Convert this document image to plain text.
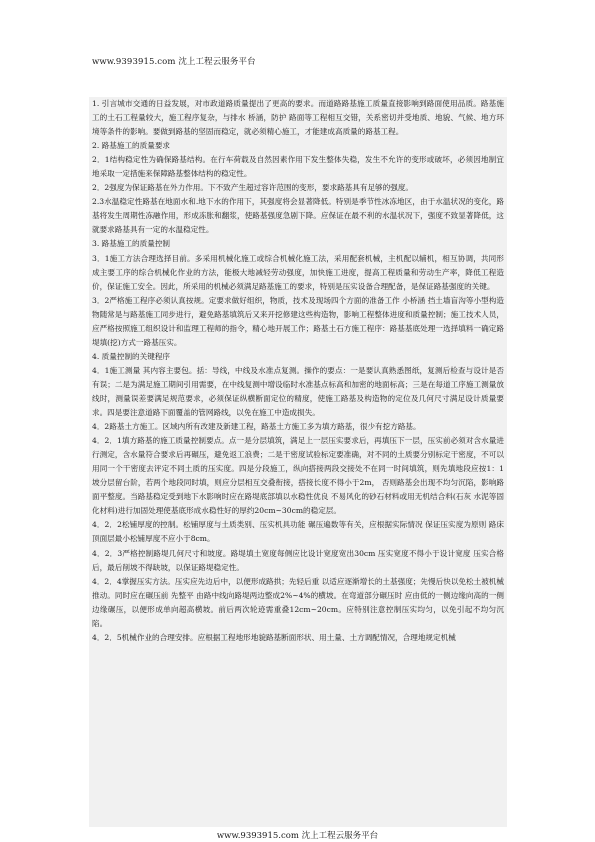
www.9393915.com 沈上工程云服务平台

1. 引言城市交通的日益发展，对市政道路质量提出了更高的要求。而道路路基施工质量直接影响到路面使用品质。路基施工的土石工程量较大，施工程序复杂，与排水 桥涵，防护 路面等工程相互交错，关系密切并受地质、地貌、气候、地方环境等条件的影响。要做到路基的坚固而稳定，就必须精心施工，才能建成高质量的路基工程。

2. 路基施工的质量要求

2．1结构稳定性为确保路基结构。在行车荷载及自然因素作用下发生整体失稳，发生不允许的变形或破坏，必须因地制宜地采取一定措施来保障路基整体结构的稳定性。

2．2强度为保证路基在外力作用。下不致产生超过容许范围的变形，要求路基具有足够的强度。

2.3水温稳定性路基在地面水和.地下水的作用下，其强度将会显著降低。特别是季节性冰冻地区，由于水温状况的变化，路基将发生周期性冻融作用，形成冻胀和翻浆，使路基强度急剧下降。应保证在最不利的水温状况下，强度不致显著降低，这就要求路基具有一定的水温稳定性。

3. 路基施工的质量控制

3．1施工方法合理选择目前。多采用机械化施工或综合机械化施工法，采用配套机械，主机配以辅机，相互协调，共同形成主要工序的综合机械化作业的方法，能极大地减轻劳动强度，加快施工进度，提高工程质量和劳动生产率，降低工程造价，保证施工安全。因此，所采用的机械必须满足路基施工的要求，特别是压实设备合理配备，是保证路基强度的关键。

3．2严格施工程序必须认真按规。定要求做好组织，物质，技术及现场四个方面的准备工作 小桥涵 挡土墙盲沟等小型构造物随常是与路基施工同步进行，避免路基填筑后又来开挖修建这些构造物，影响工程整体进度和质量控制；施工技术人员，应严格按照施工组织设计和监理工程师的指令，精心地开展工作；路基土石方施工程序：路基基底处理一选择填料一确定路堤填(挖)方式一路基压实。

4. 质量控制的关键程序

4．1施工测量 其内容主要包。括：导线，中线及水准点复测。操作的要点：一是要认真熟悉图纸，复测后检查与设计是否有误；二是为满足施工期间引用需要，在中线复测中增设临时水准基点标高和加密的地面标高；三是在每道工序施工测量放线时，测量误差要满足规范要求，必须保证纵横断面定位的精度，使施工路基及构造物的定位及几何尺寸满足设计质量要求。四是要注意道路下面覆盖的管网路线，以免在施工中造成损失。

4．2路基土方施工。区域内所有改建及新建工程，路基土方施工多为填方路基，很少有挖方路基。

4．2．1填方路基的施工质量控制要点。点一是分层填筑，满足上一层压实要求后，再填压下一层，压实前必须对含水量进行测定，含水量符合要求后再碾压，避免返工浪费；二是干密度试验标定要准确，对不同的土质要分别标定干密度，不可以用同一个干密度去评定不同土质的压实度。四是分段施工，纵向搭接两段交接处不在同一时间填筑，则先填地段应按1：1坡分层留台阶，若两个地段同时填，则应分层相互交叠衔接，搭接长度不得小于2m， 否则路基会出现不均匀沉陷，影响路面平整度。当路基稳定受到地下水影响时应在路堤底部填以水稳性优良 不易风化的砂石材料或用无机结合料(石灰 水泥等固化材料)进行加固处理使基底形成水稳性好的厚约20cm~30cm的稳定层。

4．2．2松铺厚度的控制。松铺厚度与土质类别、压实机具功能 碾压遍数等有关，应根据实际情况 保证压实度为原则 路床顶面层最小松铺厚度不应小于8cm。

4．2．3严格控制路堤几何尺寸和坡度。路堤填土宽度每侧应比设计宽度宽出30cm 压实宽度不得小于设计宽度 压实合格后，最后削坡不得缺坡，以保证路堤稳定性。

4．2．4掌握压实方法。压实应先边后中，以便形成路拱；先轻后重 以适应逐渐增长的土基强度；先慢后快以免松土被机械推动。同时应在碾压前 先整平 由路中线向路堤两边整成2%~4%的横坡。在弯道部分碾压时 应由低的一侧边缘向高的一侧边缘碾压，以便形成单向超高横坡。前后两次轮迹需重叠12cm~20cm。应特别注意控制压实均匀，以免引起不均匀沉陷。

4．2．5机械作业的合理安排。应根据工程地形地貌路基断面形状、用土量、土方调配情况，合理地规定机械

www.9393915.com 沈上工程云服务平台
